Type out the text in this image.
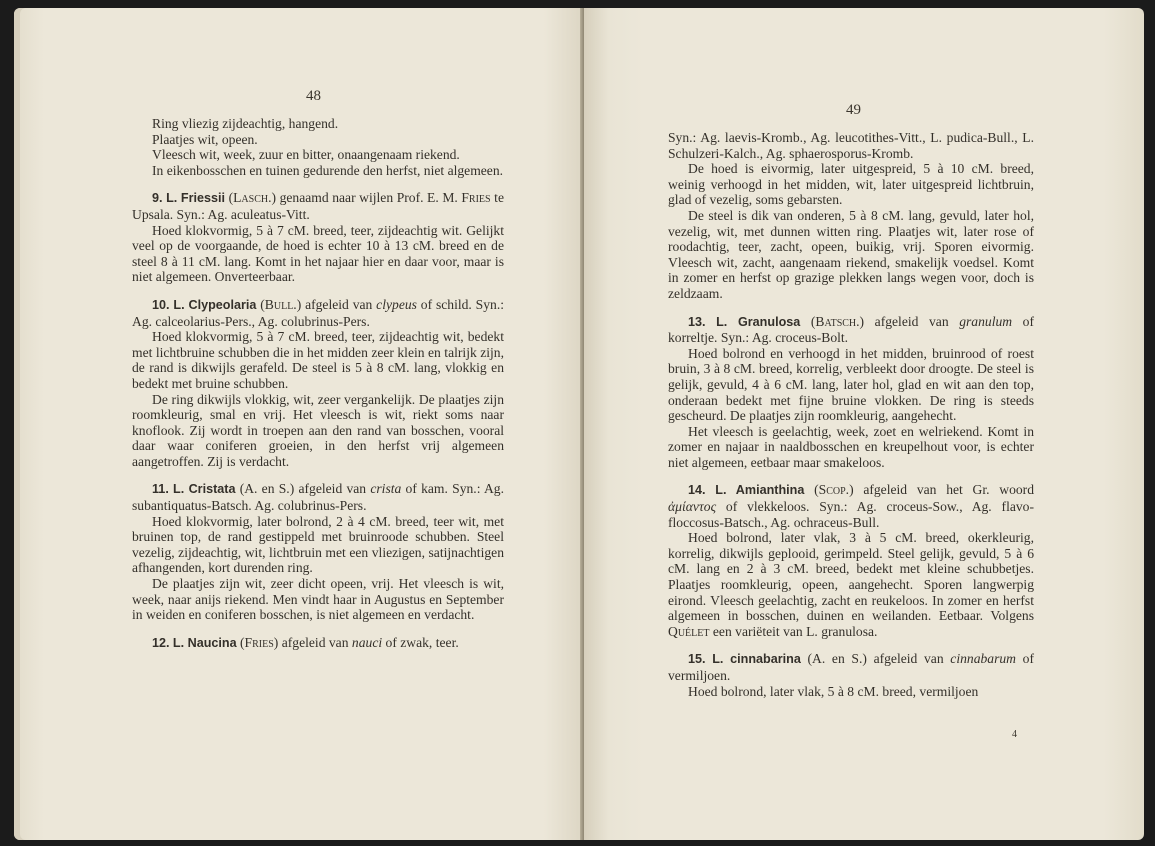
48

Ring vliezig zijdeachtig, hangend.

Plaatjes wit, opeen.

Vleesch wit, week, zuur en bitter, onaangenaam riekend.

In eikenbosschen en tuinen gedurende den herfst, niet algemeen.

9. L. Friessii (Lasch.) genaamd naar wijlen Prof. E. M. Fries te Upsala. Syn.: Ag. aculeatus-Vitt.

Hoed klokvormig, 5 à 7 cM. breed, teer, zijdeachtig wit. Gelijkt veel op de voorgaande, de hoed is echter 10 à 13 cM. breed en de steel 8 à 11 cM. lang. Komt in het najaar hier en daar voor, maar is niet algemeen. Onverteerbaar.

10. L. Clypeolaria (Bull.) afgeleid van clypeus of schild. Syn.: Ag. calceolarius-Pers., Ag. colubrinus-Pers.

Hoed klokvormig, 5 à 7 cM. breed, teer, zijdeachtig wit, bedekt met lichtbruine schubben die in het midden zeer klein en talrijk zijn, de rand is dikwijls gerafeld. De steel is 5 à 8 cM. lang, vlokkig en bedekt met bruine schubben.

De ring dikwijls vlokkig, wit, zeer vergankelijk. De plaatjes zijn roomkleurig, smal en vrij. Het vleesch is wit, riekt soms naar knoflook. Zij wordt in troepen aan den rand van bosschen, vooral daar waar coniferen groeien, in den herfst vrij algemeen aangetroffen. Zij is verdacht.

11. L. Cristata (A. en S.) afgeleid van crista of kam. Syn.: Ag. subantiquatus-Batsch. Ag. colubrinus-Pers.

Hoed klokvormig, later bolrond, 2 à 4 cM. breed, teer wit, met bruinen top, de rand gestippeld met bruinroode schubben. Steel vezelig, zijdeachtig, wit, lichtbruin met een vliezigen, satijnachtigen afhangenden, kort durenden ring.

De plaatjes zijn wit, zeer dicht opeen, vrij. Het vleesch is wit, week, naar anijs riekend. Men vindt haar in Augustus en September in weiden en coniferen bosschen, is niet algemeen en verdacht.

12. L. Naucina (Fries) afgeleid van nauci of zwak, teer.

49

Syn.: Ag. laevis-Kromb., Ag. leucotithes-Vitt., L. pudica-Bull., L. Schulzeri-Kalch., Ag. sphaerosporus-Kromb.

De hoed is eivormig, later uitgespreid, 5 à 10 cM. breed, weinig verhoogd in het midden, wit, later uitgespreid lichtbruin, glad of vezelig, soms gebarsten.

De steel is dik van onderen, 5 à 8 cM. lang, gevuld, later hol, vezelig, wit, met dunnen witten ring. Plaatjes wit, later rose of roodachtig, teer, zacht, opeen, buikig, vrij. Sporen eivormig. Vleesch wit, zacht, aangenaam riekend, smakelijk voedsel. Komt in zomer en herfst op grazige plekken langs wegen voor, doch is zeldzaam.

13. L. Granulosa (Batsch.) afgeleid van granulum of korreltje. Syn.: Ag. croceus-Bolt.

Hoed bolrond en verhoogd in het midden, bruinrood of roest bruin, 3 à 8 cM. breed, korrelig, verbleekt door droogte. De steel is gelijk, gevuld, 4 à 6 cM. lang, later hol, glad en wit aan den top, onderaan bedekt met fijne bruine vlokken. De ring is steeds gescheurd. De plaatjes zijn roomkleurig, aangehecht.

Het vleesch is geelachtig, week, zoet en welriekend. Komt in zomer en najaar in naaldbosschen en kreupelhout voor, is echter niet algemeen, eetbaar maar smakeloos.

14. L. Amianthina (Scop.) afgeleid van het Gr. woord ἀμίαντος of vlekkeloos. Syn.: Ag. croceus-Sow., Ag. flavo-floccosus-Batsch., Ag. ochraceus-Bull.

Hoed bolrond, later vlak, 3 à 5 cM. breed, okerkleurig, korrelig, dikwijls geplooid, gerimpeld. Steel gelijk, gevuld, 5 à 6 cM. lang en 2 à 3 cM. breed, bedekt met kleine schubbetjes. Plaatjes roomkleurig, opeen, aangehecht. Sporen langwerpig eirond. Vleesch geelachtig, zacht en reukeloos. In zomer en herfst algemeen in bosschen, duinen en weilanden. Eetbaar. Volgens Quélet een variëteit van L. granulosa.

15. L. cinnabarina (A. en S.) afgeleid van cinnabarum of vermiljoen.

Hoed bolrond, later vlak, 5 à 8 cM. breed, vermiljoen

4
